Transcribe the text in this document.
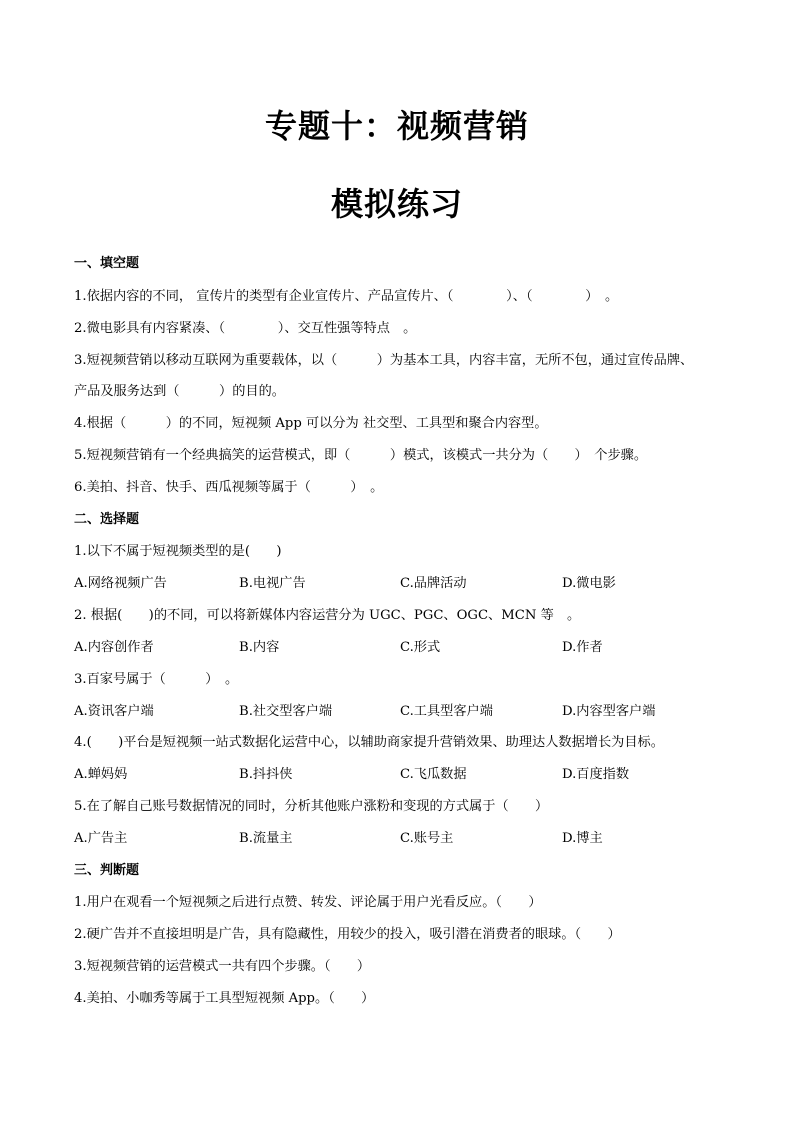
专题十：视频营销
模拟练习
一、填空题
1.依据内容的不同， 宣传片的类型有企业宣传片、产品宣传片、（　　　　）、（　　　　）　。
2.微电影具有内容紧凑、（　　　　）、交互性强等特点　。
3.短视频营销以移动互联网为重要载体，以（　　　）为基本工具，内容丰富，无所不包，通过宣传品牌、
产品及服务达到（　　　）的目的。
4.根据（　　　）的不同，短视频 App 可以分为 社交型、工具型和聚合内容型。
5.短视频营销有一个经典搞笑的运营模式，即（　　　）模式，该模式一共分为（　　）　个步骤。
6.美拍、抖音、快手、西瓜视频等属于（　　　）　。
二、选择题
1.以下不属于短视频类型的是(　　)
A.网络视频广告	B.电视广告	C.品牌活动	D.微电影
2. 根据(　　)的不同，可以将新媒体内容运营分为 UGC、PGC、OGC、MCN 等　。
A.内容创作者	B.内容	C.形式	D.作者
3.百家号属于（　　　）　。
A.资讯客户端	B.社交型客户端	C.工具型客户端	D.内容型客户端
4.(　　)平台是短视频一站式数据化运营中心，以辅助商家提升营销效果、助理达人数据增长为目标。
A.蝉妈妈	B.抖抖侠	C.飞瓜数据	D.百度指数
5.在了解自己账号数据情况的同时，分析其他账户涨粉和变现的方式属于（　　）
A.广告主	B.流量主	C.账号主	D.博主
三、判断题
1.用户在观看一个短视频之后进行点赞、转发、评论属于用户光看反应。（　　）
2.硬广告并不直接坦明是广告，具有隐藏性，用较少的投入，吸引潜在消费者的眼球。（　　）
3.短视频营销的运营模式一共有四个步骤。（　　）
4.美拍、小咖秀等属于工具型短视频 App。（　　）
